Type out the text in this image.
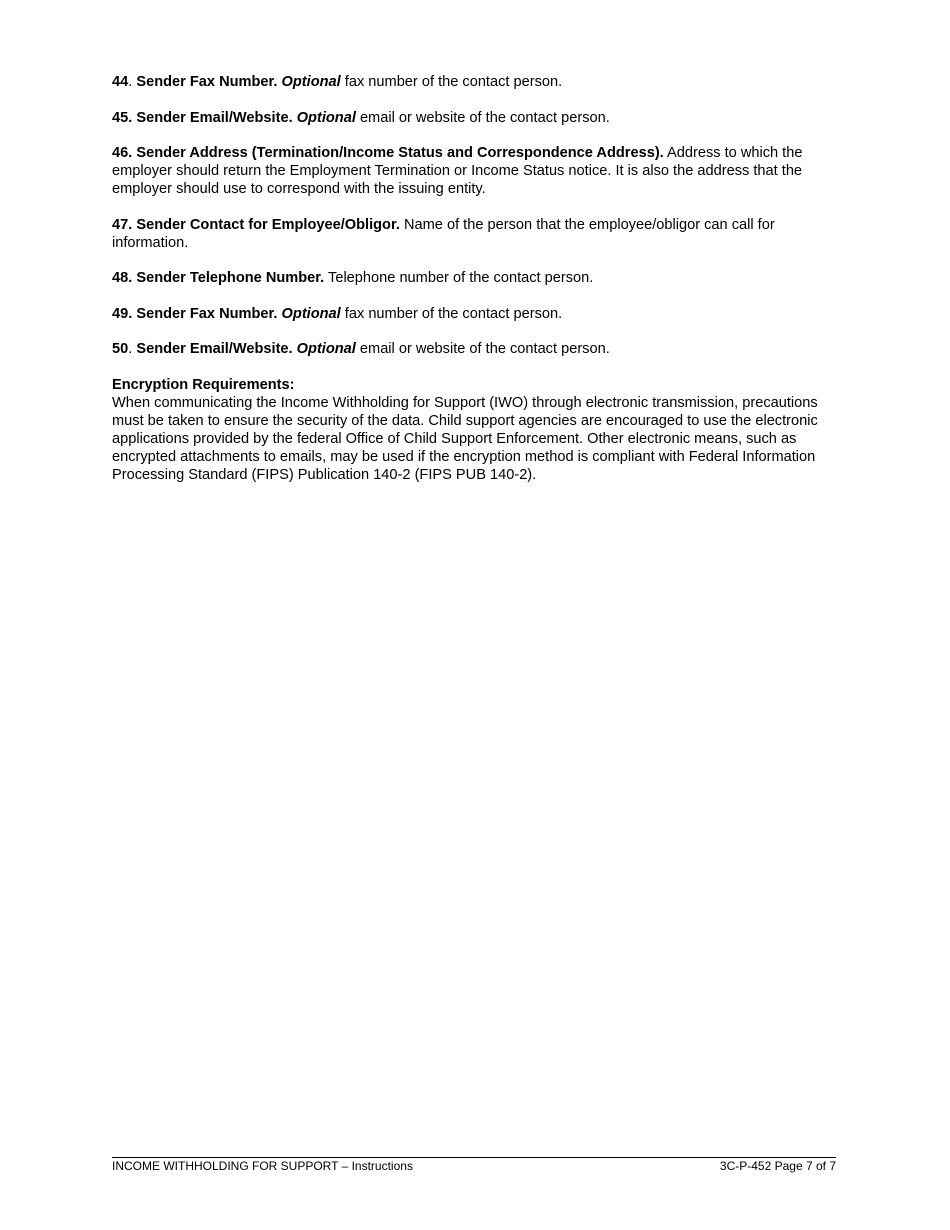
44. Sender Fax Number. Optional fax number of the contact person.

45. Sender Email/Website. Optional email or website of the contact person.

46. Sender Address (Termination/Income Status and Correspondence Address). Address to which the employer should return the Employment Termination or Income Status notice. It is also the address that the employer should use to correspond with the issuing entity.

47. Sender Contact for Employee/Obligor. Name of the person that the employee/obligor can call for information.

48. Sender Telephone Number. Telephone number of the contact person.

49. Sender Fax Number. Optional fax number of the contact person.

50. Sender Email/Website. Optional email or website of the contact person.

Encryption Requirements:

When communicating the Income Withholding for Support (IWO) through electronic transmission, precautions must be taken to ensure the security of the data. Child support agencies are encouraged to use the electronic applications provided by the federal Office of Child Support Enforcement. Other electronic means, such as encrypted attachments to emails, may be used if the encryption method is compliant with Federal Information Processing Standard (FIPS) Publication 140-2 (FIPS PUB 140-2).

INCOME WITHHOLDING FOR SUPPORT – Instructions	3C-P-452 Page 7 of 7
